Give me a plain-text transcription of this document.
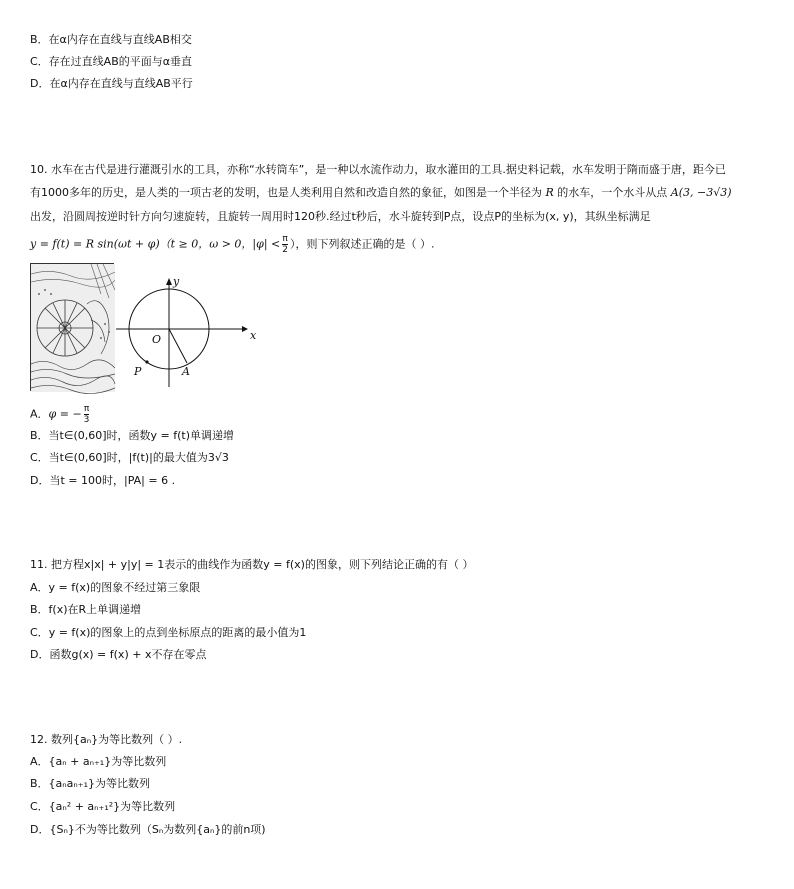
B．在α内存在直线与直线AB相交
C．存在过直线AB的平面与α垂直
D．在α内存在直线与直线AB平行
10. 水车在古代是进行灌溉引水的工具，亦称“水转筒车”，是一种以水流作动力，取水灌田的工具.据史料记载，水车发明于隋而盛于唐，距今已
有1000多年的历史，是人类的一项古老的发明，也是人类利用自然和改造自然的象征，如图是一个半径为 R 的水车，一个水斗从点 A(3, −3√3)
出发，沿圆周按逆时针方向匀速旋转，且旋转一周用时120秒.经过t秒后，水斗旋转到P点，设点P的坐标为(x, y)，其纵坐标满足
y = f(t) = R sin(ωt + φ)（t ≥ 0，ω > 0，$|\varphi| < \frac{\pi}{2}$ ），则下列叙述正确的是（ ）.
x
y
O
P	A
A．φ = − $\frac{\pi}{3}$
B．当t∈(0,60]时，函数y = f(t)单调递增
C．当t∈(0,60]时，|f(t)|的最大值为3√3
D．当t = 100时，|PA| = 6 .
11. 把方程x|x| + y|y| = 1表示的曲线作为函数y = f(x)的图象，则下列结论正确的有（ ）
A．y = f(x)的图象不经过第三象限
B．f(x)在R上单调递增
C．y = f(x)的图象上的点到坐标原点的距离的最小值为1
D．函数g(x) = f(x) + x不存在零点
12. 数列{aₙ}为等比数列（ ）.
A．{aₙ + aₙ₊₁}为等比数列
B．{aₙaₙ₊₁}为等比数列
C．{aₙ² + aₙ₊₁²}为等比数列
D．{Sₙ}不为等比数列（Sₙ为数列{aₙ}的前n项)
